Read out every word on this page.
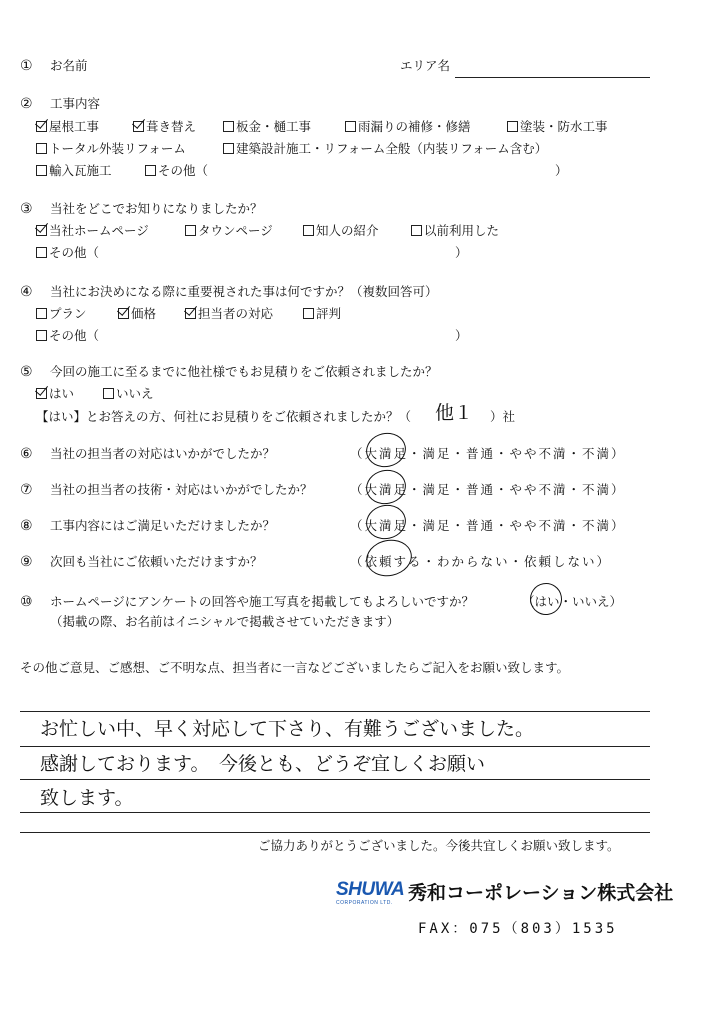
① お名前	エリア名
② 工事内容
屋根工事	葺き替え	板金・樋工事	雨漏りの補修・修繕	塗装・防水工事
トータル外装リフォーム	建築設計施工・リフォーム全般（内装リフォーム含む）
輸入瓦施工	その他（	）
③ 当社をどこでお知りになりましたか？
当社ホームページ	タウンページ	知人の紹介	以前利用した
その他（	）
④ 当社にお決めになる際に重要視された事は何ですか？（複数回答可）
プラン	価格	担当者の対応	評判
その他（	）
⑤ 今回の施工に至るまでに他社様でもお見積りをご依頼されましたか？
はい	いいえ
【はい】とお答えの方、何社にお見積りをご依頼されましたか？（ 他１ ）社
⑥ 当社の担当者の対応はいかがでしたか？	（大満足・満足・普通・やや不満・不満）
⑦ 当社の担当者の技術・対応はいかがでしたか？	（大満足・満足・普通・やや不満・不満）
⑧ 工事内容にはご満足いただけましたか？	（大満足・満足・普通・やや不満・不満）
⑨ 次回も当社にご依頼いただけますか？	（依頼する・わからない・依頼しない）
⑩ ホームページにアンケートの回答や施工写真を掲載してもよろしいですか？	（はい・いいえ）
（掲載の際、お名前はイニシャルで掲載させていただきます）
その他ご意見、ご感想、ご不明な点、担当者に一言などございましたらご記入をお願い致します。
お忙しい中、早く対応して下さり、有難うございました。
感謝しております。　今後とも、どうぞ宜しくお願い
致します。
ご協力ありがとうございました。今後共宜しくお願い致します。
SHUWA
CORPORATION LTD. 秀和コーポレーション株式会社
FAX：075（803）1535
